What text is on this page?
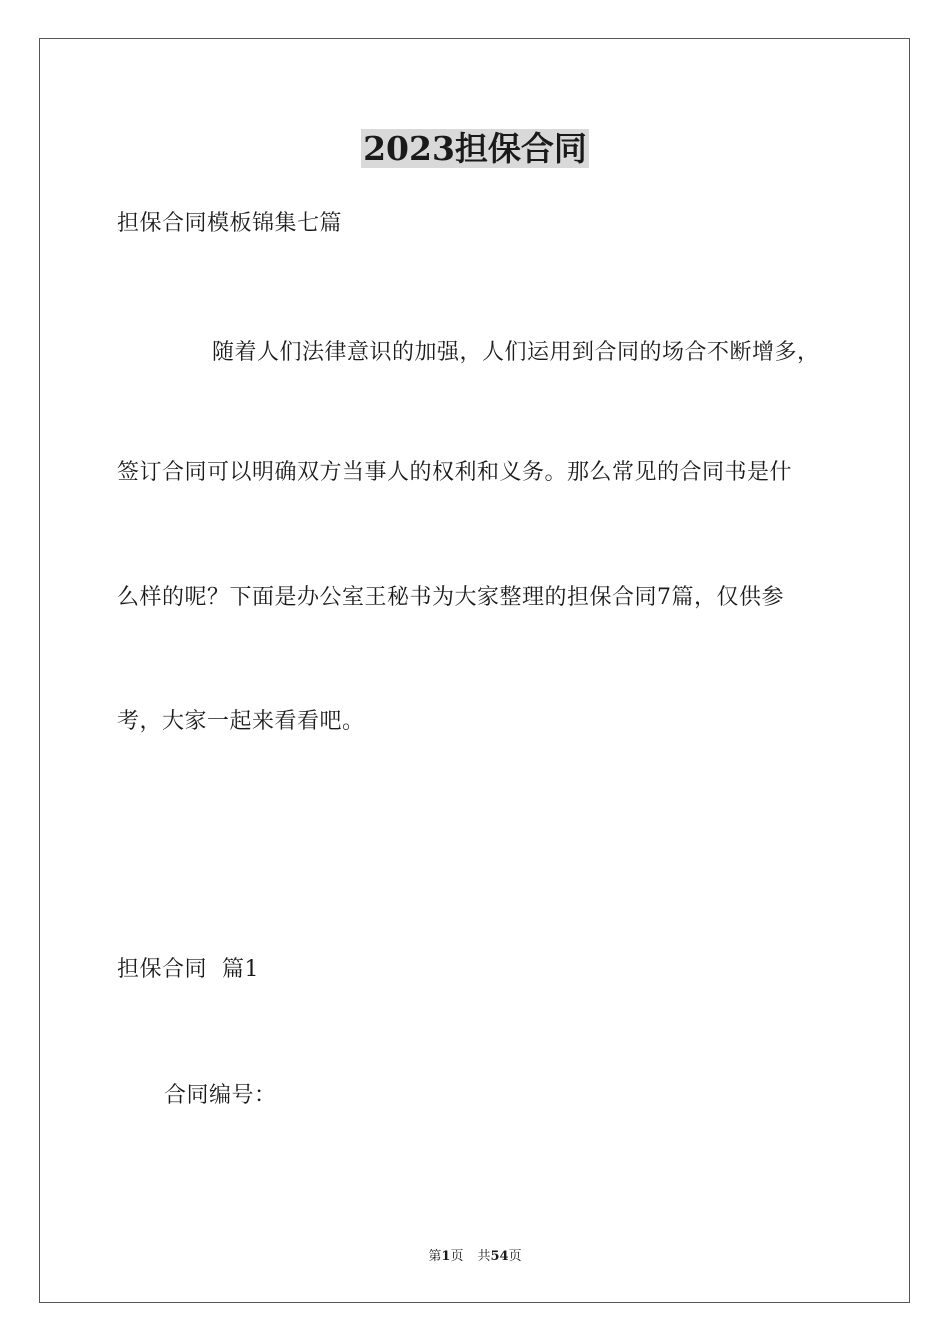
2023担保合同
担保合同模板锦集七篇
随着人们法律意识的加强，人们运用到合同的场合不断增多，
签订合同可以明确双方当事人的权利和义务。那么常见的合同书是什
么样的呢？下面是办公室王秘书为大家整理的担保合同7篇，仅供参
考，大家一起来看看吧。
担保合同  篇1
合同编号：
第1页 共54页
